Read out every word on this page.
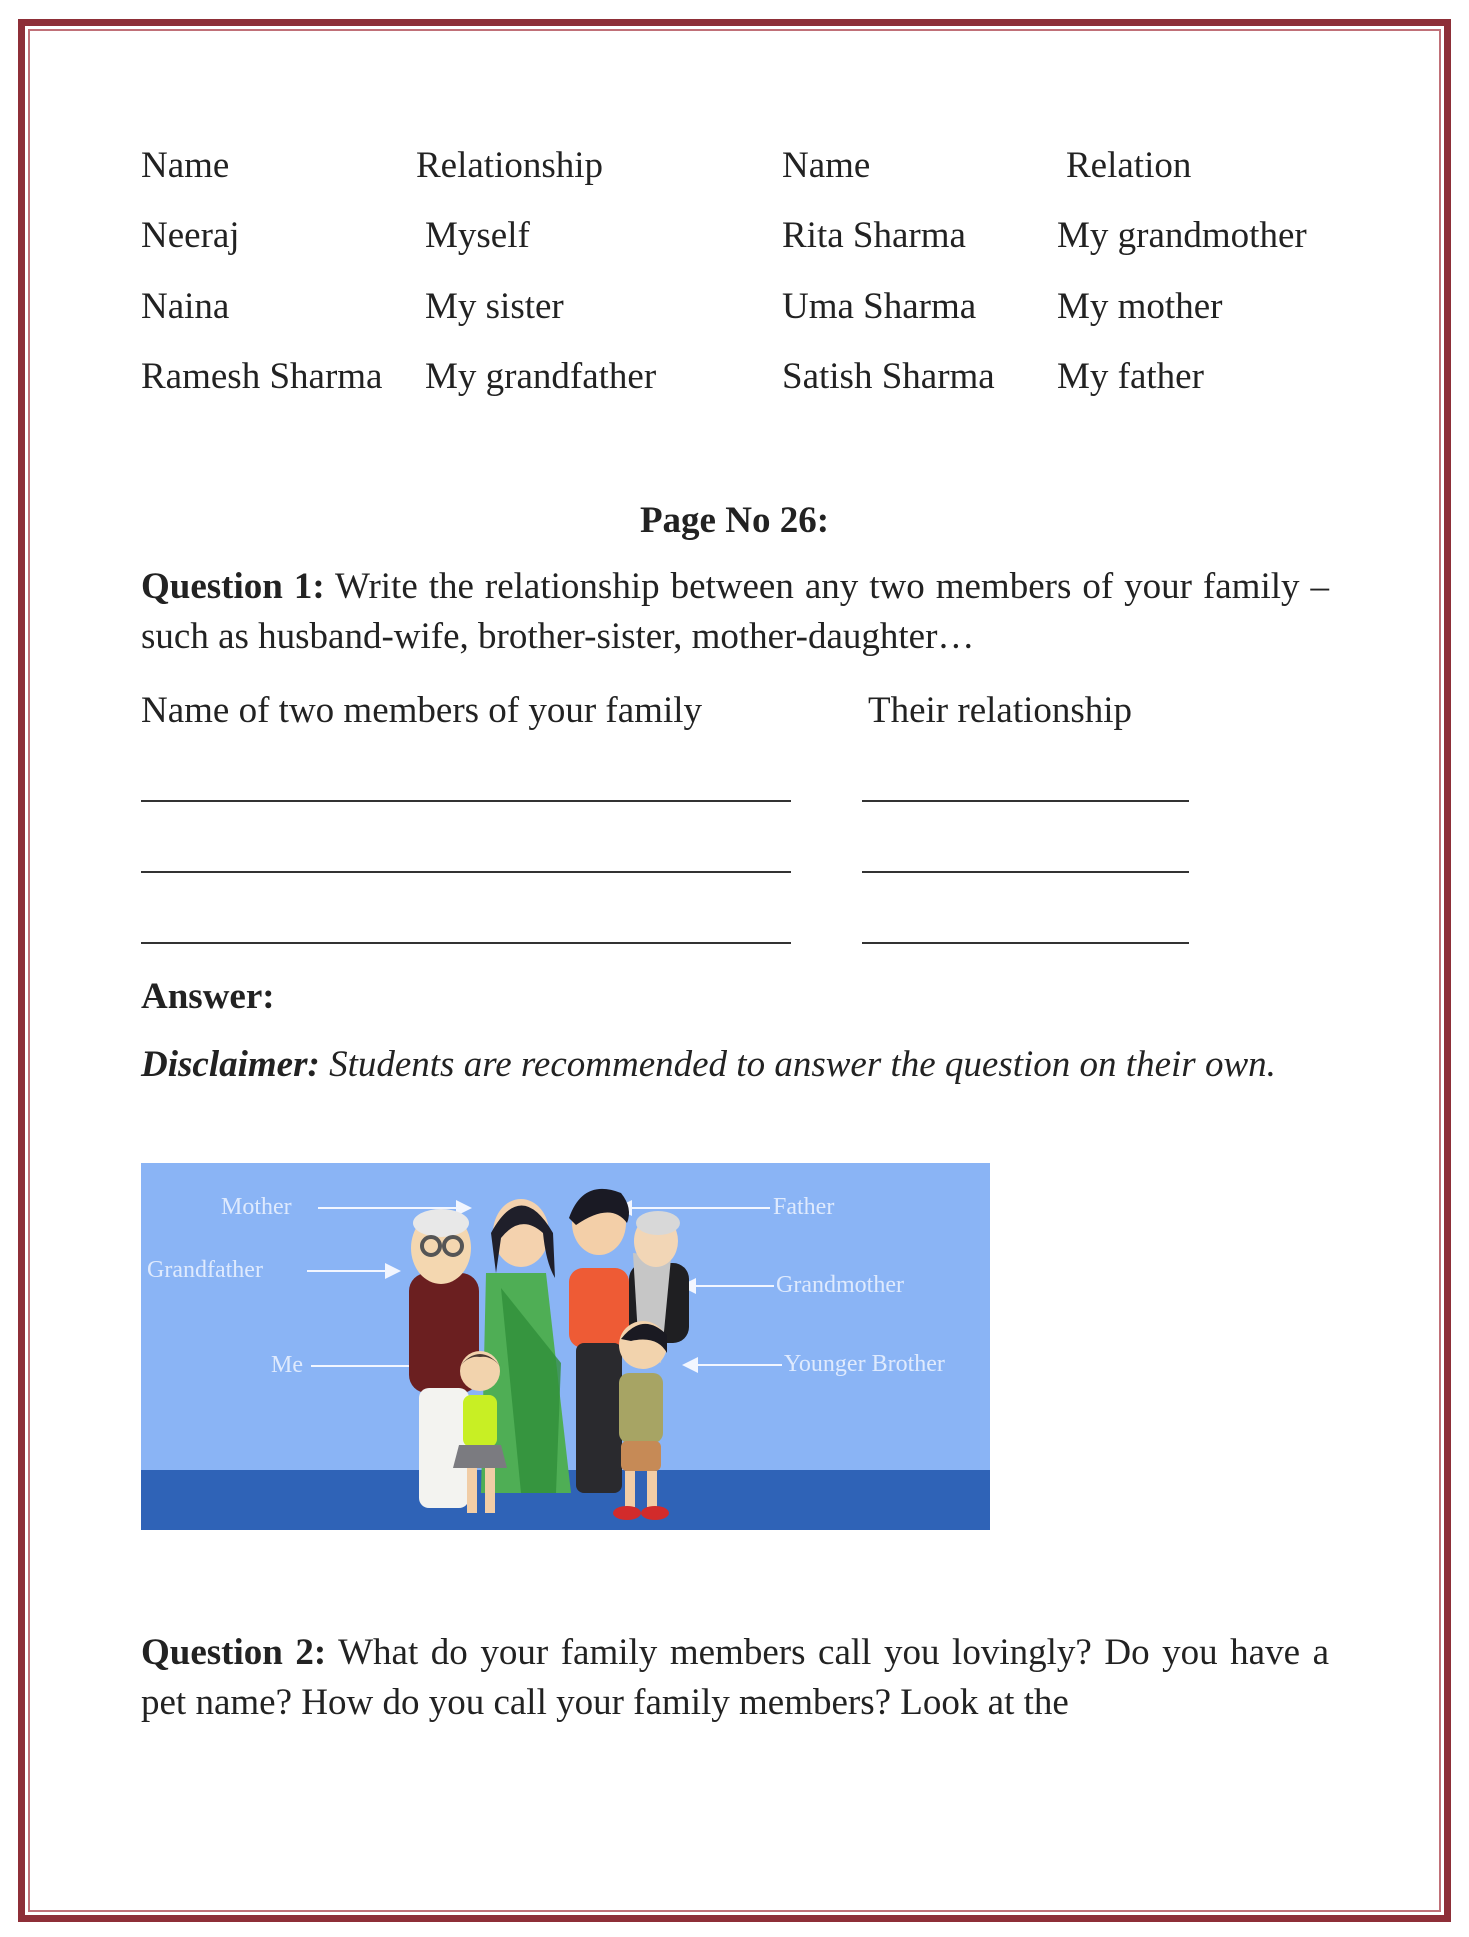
Name	Relationship	Name	Relation
Neeraj	Myself	Rita Sharma My grandmother
Naina	My sister	Uma Sharma My mother
Ramesh Sharma My grandfather	Satish Sharma My father
Page No 26:
Question 1: Write the relationship between any two members of your family – such as husband-wife, brother-sister, mother-daughter…
Name of two members of your family	Their relationship
Answer:
Disclaimer: Students are recommended to answer the question on their own.
Mother
Grandfather
Me
Father
Grandmother
Younger Brother
Question 2: What do your family members call you lovingly? Do you have a pet name? How do you call your family members? Look at the
